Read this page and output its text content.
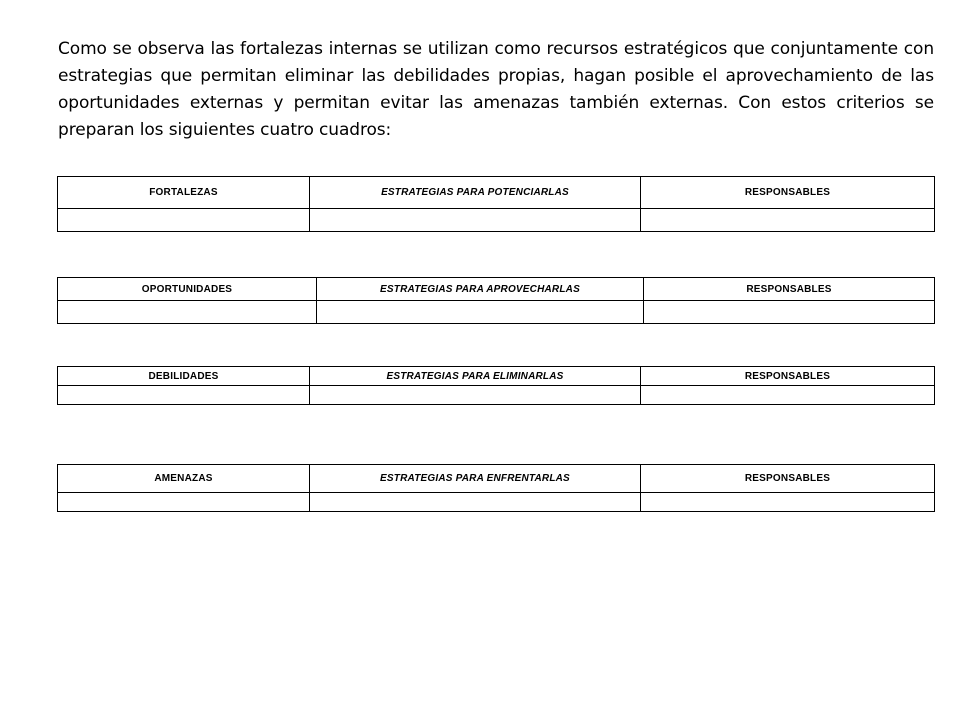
Como se observa las fortalezas internas se utilizan como recursos estratégicos que conjuntamente con estrategias que permitan eliminar las debilidades propias, hagan posible el aprovechamiento de las oportunidades externas y permitan evitar las amenazas también externas. Con estos criterios se preparan los siguientes cuatro cuadros:

FORTALEZAS	ESTRATEGIAS PARA POTENCIARLAS	RESPONSABLES

OPORTUNIDADES	ESTRATEGIAS PARA APROVECHARLAS	RESPONSABLES

DEBILIDADES	ESTRATEGIAS PARA ELIMINARLAS	RESPONSABLES

AMENAZAS	ESTRATEGIAS PARA ENFRENTARLAS	RESPONSABLES
